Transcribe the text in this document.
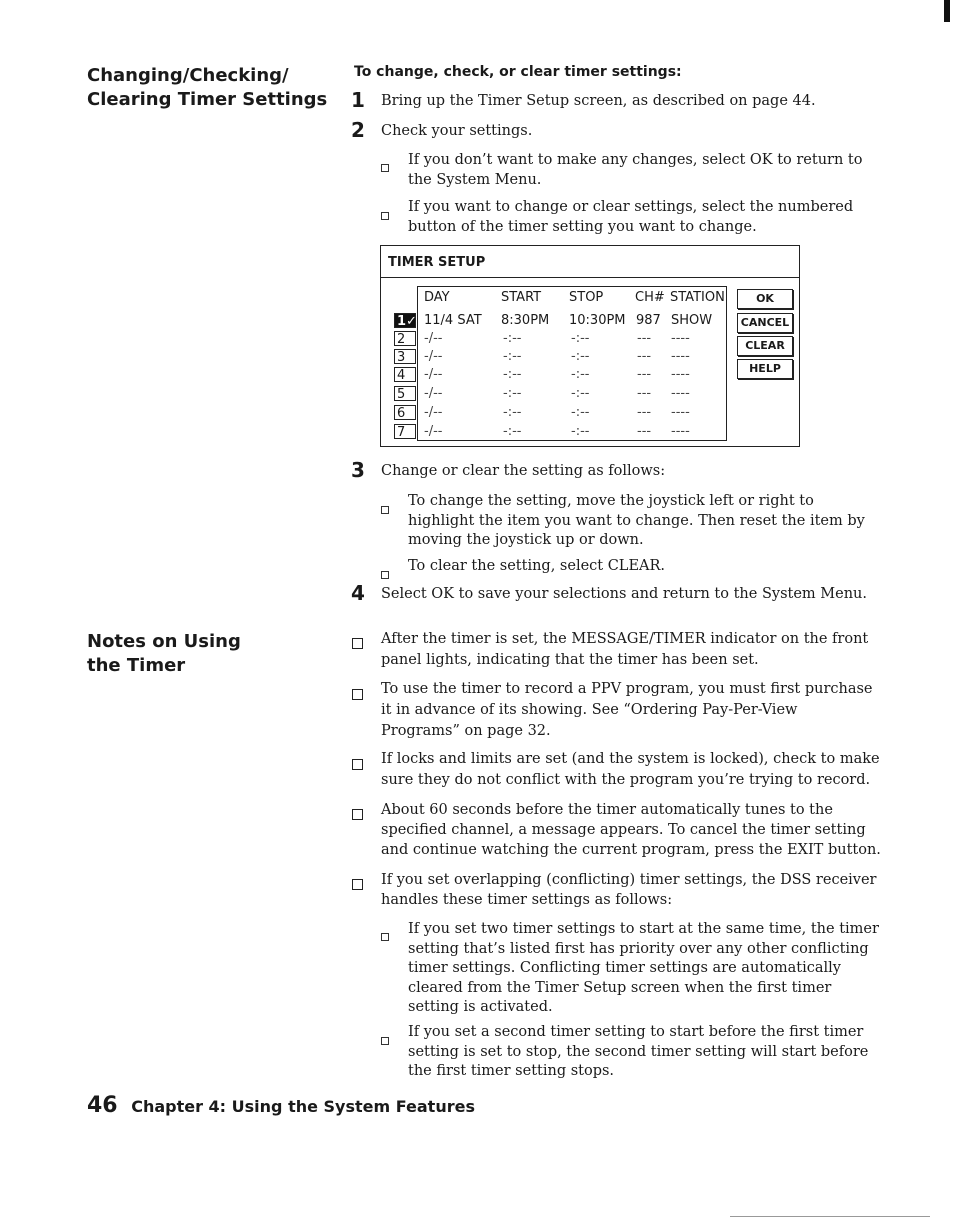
Changing/Checking/
Clearing Timer Settings
Notes on Using
the Timer
To change, check, or clear timer settings:
1 Bring up the Timer Setup screen, as described on page 44.
2 Check your settings.
If you don’t want to make any changes, select OK to return to
the System Menu.
If you want to change or clear settings, select the numbered
button of the timer setting you want to change.
TIMER SETUP
DAY	START STOP CH# STATION	OK
CANCEL
CLEAR
HELP
1✓ 11/4 SAT 8:30PM 10:30PM 987 SHOW
2	-/--	-:--	-:--	--- ----
3	-/--	-:--	-:--	--- ----
4	-/--	-:--	-:--	--- ----
5	-/--	-:--	-:--	--- ----
6	-/--	-:--	-:--	--- ----
7	-/--	-:--	-:--	--- ----
3 Change or clear the setting as follows:
To change the setting, move the joystick left or right to
highlight the item you want to change. Then reset the item by
moving the joystick up or down.
To clear the setting, select CLEAR.
4 Select OK to save your selections and return to the System Menu.
After the timer is set, the MESSAGE/TIMER indicator on the front
panel lights, indicating that the timer has been set.
To use the timer to record a PPV program, you must first purchase
it in advance of its showing. See “Ordering Pay-Per-View
Programs” on page 32.
If locks and limits are set (and the system is locked), check to make
sure they do not conflict with the program you’re trying to record.
About 60 seconds before the timer automatically tunes to the
specified channel, a message appears. To cancel the timer setting
and continue watching the current program, press the EXIT button.
If you set overlapping (conflicting) timer settings, the DSS receiver
handles these timer settings as follows:
If you set two timer settings to start at the same time, the timer
setting that’s listed first has priority over any other conflicting
timer settings. Conflicting timer settings are automatically
cleared from the Timer Setup screen when the first timer
setting is activated.
If you set a second timer setting to start before the first timer
setting is set to stop, the second timer setting will start before
the first timer setting stops.
46 Chapter 4: Using the System Features
